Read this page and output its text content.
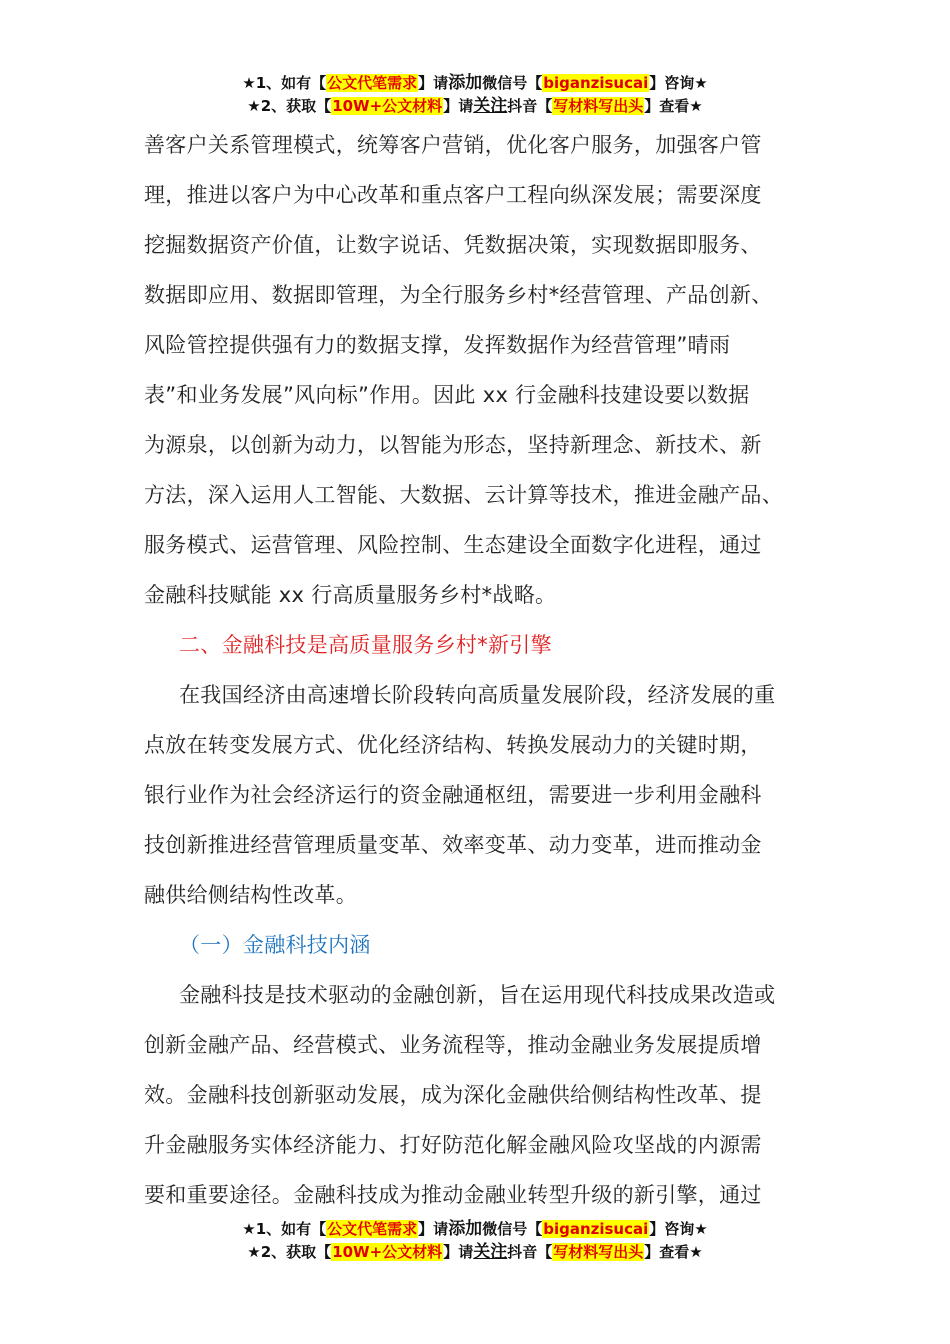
★1、如有【公文代笔需求】请添加微信号【biganzisucai】咨询★
★2、获取【10W+公文材料】请关注抖音【写材料写出头】查看★
善客户关系管理模式，统筹客户营销，优化客户服务，加强客户管
理，推进以客户为中心改革和重点客户工程向纵深发展；需要深度
挖掘数据资产价值，让数字说话、凭数据决策，实现数据即服务、
数据即应用、数据即管理，为全行服务乡村*经营管理、产品创新、
风险管控提供强有力的数据支撑，发挥数据作为经营管理”晴雨
表”和业务发展”风向标”作用。因此 xx 行金融科技建设要以数据
为源泉，以创新为动力，以智能为形态，坚持新理念、新技术、新
方法，深入运用人工智能、大数据、云计算等技术，推进金融产品、
服务模式、运营管理、风险控制、生态建设全面数字化进程，通过
金融科技赋能 xx 行高质量服务乡村*战略。
二、金融科技是高质量服务乡村*新引擎
在我国经济由高速增长阶段转向高质量发展阶段，经济发展的重
点放在转变发展方式、优化经济结构、转换发展动力的关键时期，
银行业作为社会经济运行的资金融通枢纽，需要进一步利用金融科
技创新推进经营管理质量变革、效率变革、动力变革，进而推动金
融供给侧结构性改革。
（一）金融科技内涵
金融科技是技术驱动的金融创新，旨在运用现代科技成果改造或
创新金融产品、经营模式、业务流程等，推动金融业务发展提质增
效。金融科技创新驱动发展，成为深化金融供给侧结构性改革、提
升金融服务实体经济能力、打好防范化解金融风险攻坚战的内源需
要和重要途径。金融科技成为推动金融业转型升级的新引擎，通过
★1、如有【公文代笔需求】请添加微信号【biganzisucai】咨询★
★2、获取【10W+公文材料】请关注抖音【写材料写出头】查看★
